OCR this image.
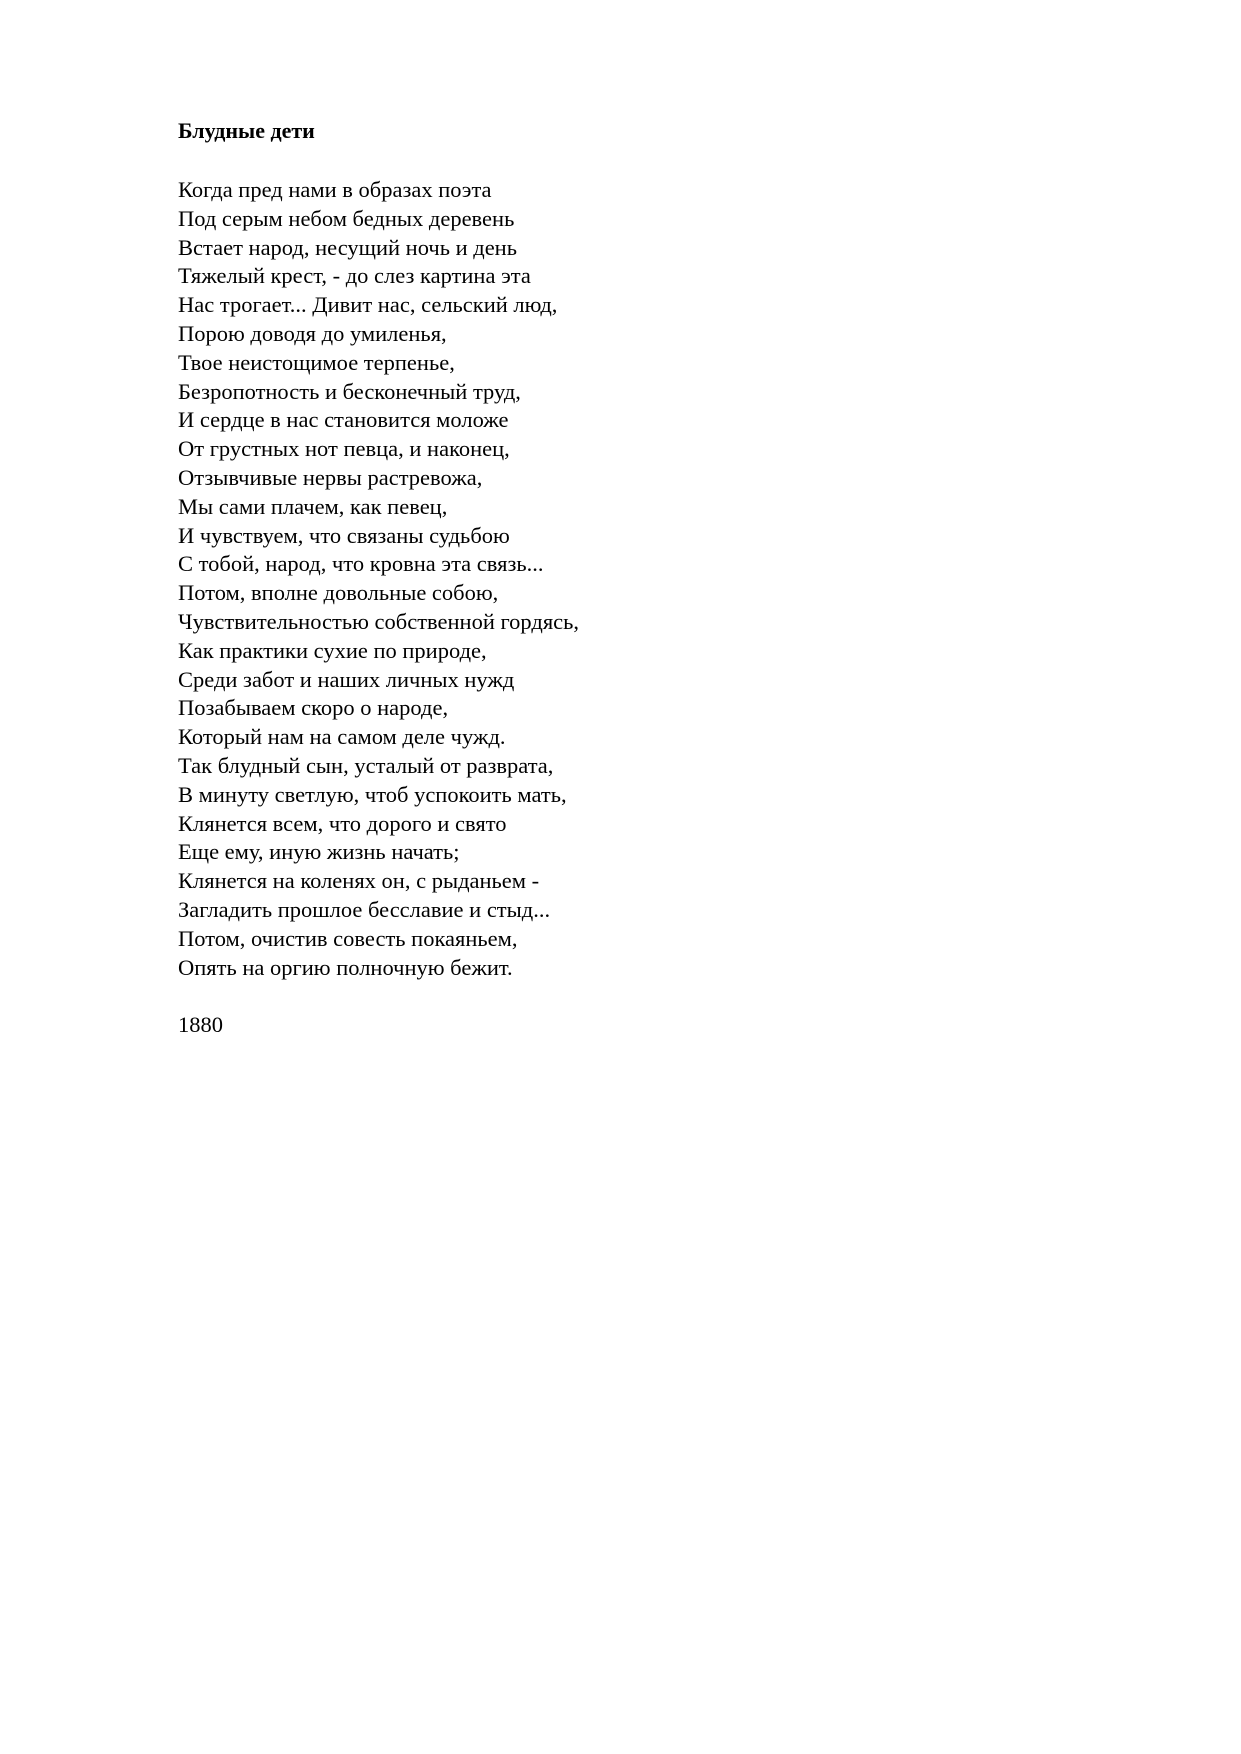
Блудные дети
Когда пред нами в образах поэта
Под серым небом бедных деревень
Встает народ, несущий ночь и день
Тяжелый крест, - до слез картина эта
Нас трогает... Дивит нас, сельский люд,
Порою доводя до умиленья,
Твое неистощимое терпенье,
Безропотность и бесконечный труд,
И сердце в нас становится моложе
От грустных нот певца, и наконец,
Отзывчивые нервы растревожа,
Мы сами плачем, как певец,
И чувствуем, что связаны судьбою
С тобой, народ, что кровна эта связь...
Потом, вполне довольные собою,
Чувствительностью собственной гордясь,
Как практики сухие по природе,
Среди забот и наших личных нужд
Позабываем скоро о народе,
Который нам на самом деле чужд.
Так блудный сын, усталый от разврата,
В минуту светлую, чтоб успокоить мать,
Клянется всем, что дорого и свято
Еще ему, иную жизнь начать;
Клянется на коленях он, с рыданьем -
Загладить прошлое бесславие и стыд...
Потом, очистив совесть покаяньем,
Опять на оргию полночную бежит.

1880
